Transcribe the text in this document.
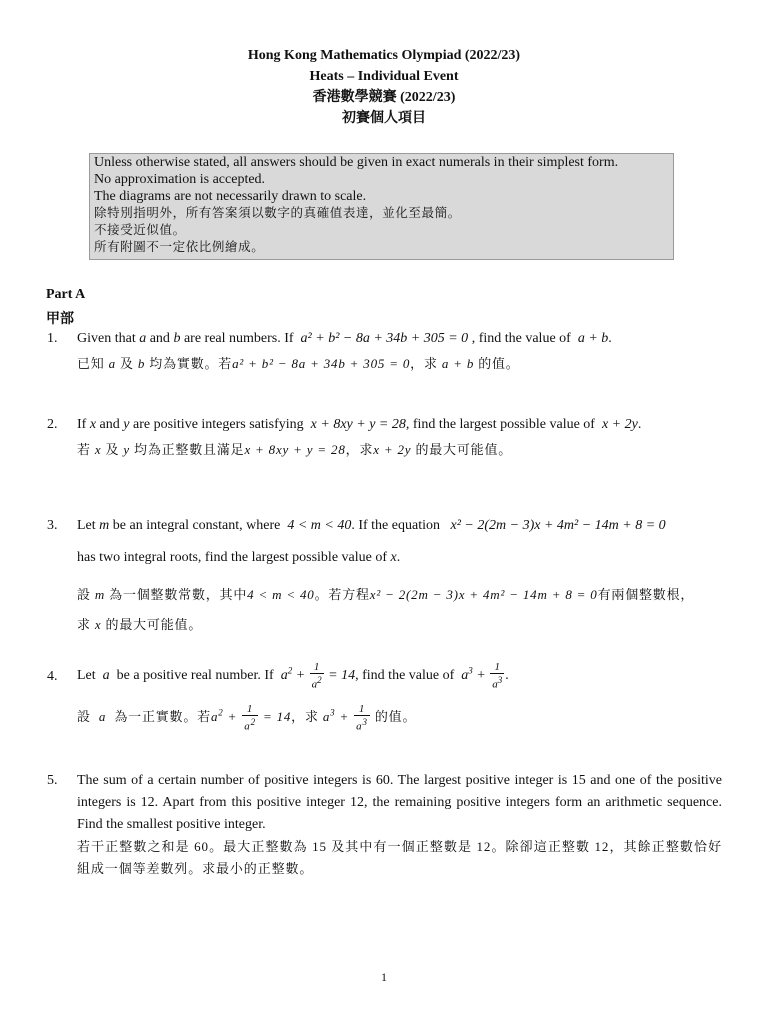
Hong Kong Mathematics Olympiad (2022/23)
Heats – Individual Event
香港數學競賽 (2022/23)
初賽個人項目
Unless otherwise stated, all answers should be given in exact numerals in their simplest form.
No approximation is accepted.
The diagrams are not necessarily drawn to scale.
除特別指明外，所有答案須以數字的真確值表達，並化至最簡。
不接受近似值。
所有附圖不一定依比例繪成。
Part A
甲部
1. Given that a and b are real numbers. If a² + b² − 8a + 34b + 305 = 0 , find the value of a + b.
已知 a 及 b 均為實數。若a² + b² − 8a + 34b + 305 = 0，求 a + b 的值。
2. If x and y are positive integers satisfying x + 8xy + y = 28, find the largest possible value of x + 2y.
若 x 及 y 均為正整數且滿足x + 8xy + y = 28，求x + 2y 的最大可能值。
3. Let m be an integral constant, where 4 < m < 40. If the equation x² − 2(2m − 3)x + 4m² − 14m + 8 = 0
has two integral roots, find the largest possible value of x.
設 m 為一個整數常數，其中4 < m < 40。若方程x² − 2(2m − 3)x + 4m² − 14m + 8 = 0有兩個整數根，
求 x 的最大可能值。
4. Let a be a positive real number. If $a^2 + \frac{1}{a^2} = 14$, find the value of $a^3 + \frac{1}{a^3}$ .
設 a 為一正實數。若$a^2 + \frac{1}{a^2} = 14$，求 $a^3 + \frac{1}{a^3}$ 的值。
5. The sum of a certain number of positive integers is 60. The largest positive integer is 15 and one of the positive integers is 12. Apart from this positive integer 12, the remaining positive integers form an arithmetic sequence. Find the smallest positive integer.
若干正整數之和是 60。最大正整數為 15 及其中有一個正整數是 12。除卻這正整數 12，其餘正整數恰好組成一個等差數列。求最小的正整數。
1
